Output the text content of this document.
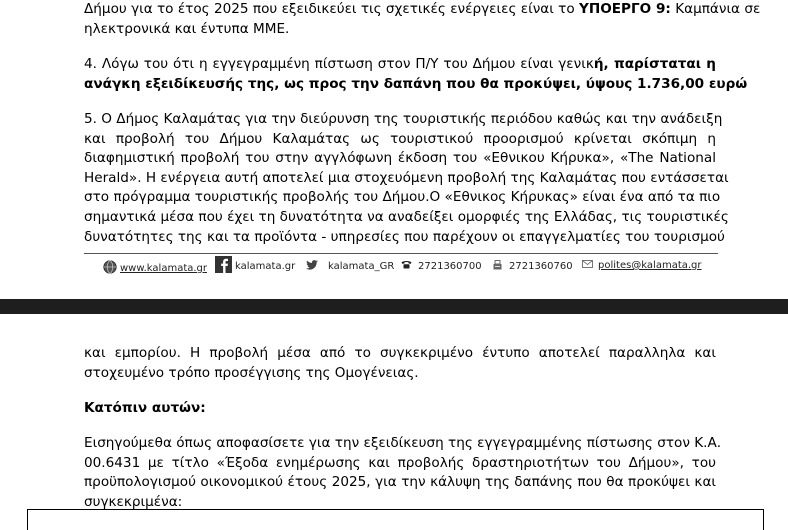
Δήμου για το έτος 2025 που εξειδικεύει τις σχετικές ενέργειες είναι το ΥΠΟΕΡΓΟ 9: Καμπάνια σε
ηλεκτρονικά και έντυπα ΜΜΕ.

4. Λόγω του ότι η εγγεγραμμένη πίστωση στον Π/Υ του Δήμου είναι γενική, παρίσταται η
ανάγκη εξειδίκευσής της, ως προς την δαπάνη που θα προκύψει, ύψους 1.736,00 ευρώ

5. Ο Δήμος Καλαμάτας για την διεύρυνση της τουριστικής περιόδου καθώς και την ανάδειξη
και προβολή του Δήμου Καλαμάτας ως τουριστικού προορισμού κρίνεται σκόπιμη η
διαφημιστική προβολή του στην αγγλόφωνη έκδοση του «Εθνικου Κήρυκα», «The National
Herald». Η ενέργεια αυτή αποτελεί μια στοχευόμενη προβολή της Καλαμάτας που εντάσσεται
στο πρόγραμμα τουριστικής προβολής του Δήμου.Ο «Εθνικος Κήρυκας» είναι ένα από τα πιο
σημαντικά μέσα που έχει τη δυνατότητα να αναδείξει ομορφιές της Ελλάδας, τις τουριστικές
δυνατότητες της και τα προϊόντα - υπηρεσίες που παρέχουν οι επαγγελματίες του τουρισμού

www.kalamata.gr	kalamata.gr	kalamata_GR 2721360700	2721360760	polites@kalamata.gr

και εμπορίου. Η προβολή μέσα από το συγκεκριμένο έντυπο αποτελεί παραλληλα και
στοχευμένο τρόπο προσέγγισης της Ομογένειας.

Κατόπιν αυτών:

Εισηγούμεθα όπως αποφασίσετε για την εξειδίκευση της εγγεγραμμένης πίστωσης στον Κ.Α.
00.6431 με τίτλο «Έξοδα ενημέρωσης και προβολής δραστηριοτήτων του Δήμου», του
προϋπολογισμού οικονομικού έτους 2025, για την κάλυψη της δαπάνης που θα προκύψει και
συγκεκριμένα:
